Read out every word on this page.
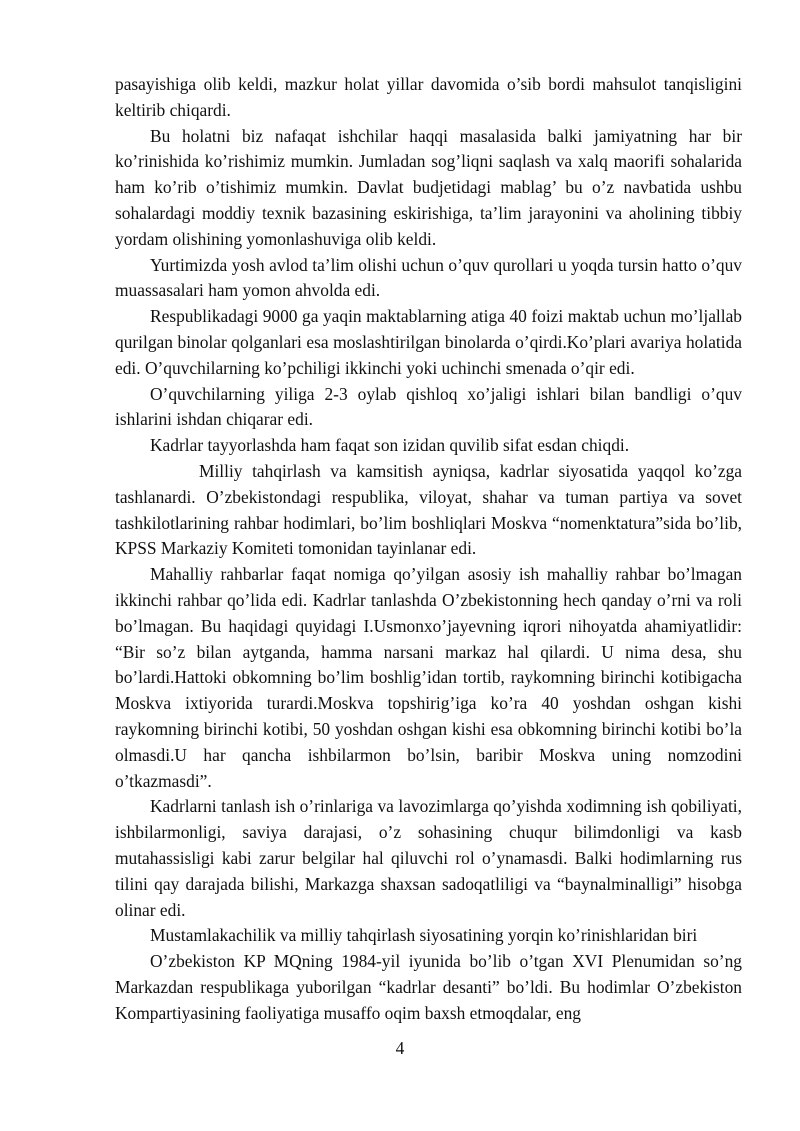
pasayishiga olib keldi, mazkur holat yillar davomida o’sib bordi mahsulot tanqisligini keltirib chiqardi.

Bu holatni biz nafaqat ishchilar haqqi masalasida balki jamiyatning har bir ko’rinishida ko’rishimiz mumkin. Jumladan sog’liqni saqlash va xalq maorifi sohalarida ham ko’rib o’tishimiz mumkin. Davlat budjetidagi mablag’ bu o’z navbatida ushbu sohalardagi moddiy texnik bazasining eskirishiga, ta’lim jarayonini va aholining tibbiy yordam olishining yomonlashuviga olib keldi.

Yurtimizda yosh avlod ta’lim olishi uchun o’quv qurollari u yoqda tursin hatto o’quv muassasalari ham yomon ahvolda edi.

Respublikadagi 9000 ga yaqin maktablarning atiga 40 foizi maktab uchun mo’ljallab qurilgan binolar qolganlari esa moslashtirilgan binolarda o’qirdi.Ko’plari avariya holatida edi. O’quvchilarning ko’pchiligi ikkinchi yoki uchinchi smenada o’qir edi.

O’quvchilarning yiliga 2-3 oylab qishloq xo’jaligi ishlari bilan bandligi o’quv ishlarini ishdan chiqarar edi.

Kadrlar tayyorlashda ham faqat son izidan quvilib sifat esdan chiqdi.

Milliy tahqirlash va kamsitish ayniqsa, kadrlar siyosatida yaqqol ko’zga tashlanardi. O’zbekistondagi respublika, viloyat, shahar va tuman partiya va sovet tashkilotlarining rahbar hodimlari, bo’lim boshliqlari Moskva “nomenktatura”sida bo’lib, KPSS Markaziy Komiteti tomonidan tayinlanar edi.

Mahalliy rahbarlar faqat nomiga qo’yilgan asosiy ish mahalliy rahbar bo’lmagan ikkinchi rahbar qo’lida edi. Kadrlar tanlashda O’zbekistonning hech qanday o’rni va roli bo’lmagan. Bu haqidagi quyidagi I.Usmonxo’jayevning iqrori nihoyatda ahamiyatlidir: “Bir so’z bilan aytganda, hamma narsani markaz hal qilardi. U nima desa, shu bo’lardi.Hattoki obkomning bo’lim boshlig’idan tortib, raykomning birinchi kotibigacha Moskva ixtiyorida turardi.Moskva topshirig’iga ko’ra 40 yoshdan oshgan kishi raykomning birinchi kotibi, 50 yoshdan oshgan kishi esa obkomning birinchi kotibi bo’la olmasdi.U har qancha ishbilarmon bo’lsin, baribir Moskva uning nomzodini o’tkazmasdi”.

Kadrlarni tanlash ish o’rinlariga va lavozimlarga qo’yishda xodimning ish qobiliyati, ishbilarmonligi, saviya darajasi, o’z sohasining chuqur bilimdonligi va kasb mutahassisligi kabi zarur belgilar hal qiluvchi rol o’ynamasdi. Balki hodimlarning rus tilini qay darajada bilishi, Markazga shaxsan sadoqatliligi va “baynalminalligi” hisobga olinar edi.

Mustamlakachilik va milliy tahqirlash siyosatining yorqin ko’rinishlaridan biri

O’zbekiston KP MQning 1984-yil iyunida bo’lib o’tgan XVI Plenumidan so’ng Markazdan respublikaga yuborilgan “kadrlar desanti” bo’ldi. Bu hodimlar O’zbekiston Kompartiyasining faoliyatiga musaffo oqim baxsh etmoqdalar, eng

4
